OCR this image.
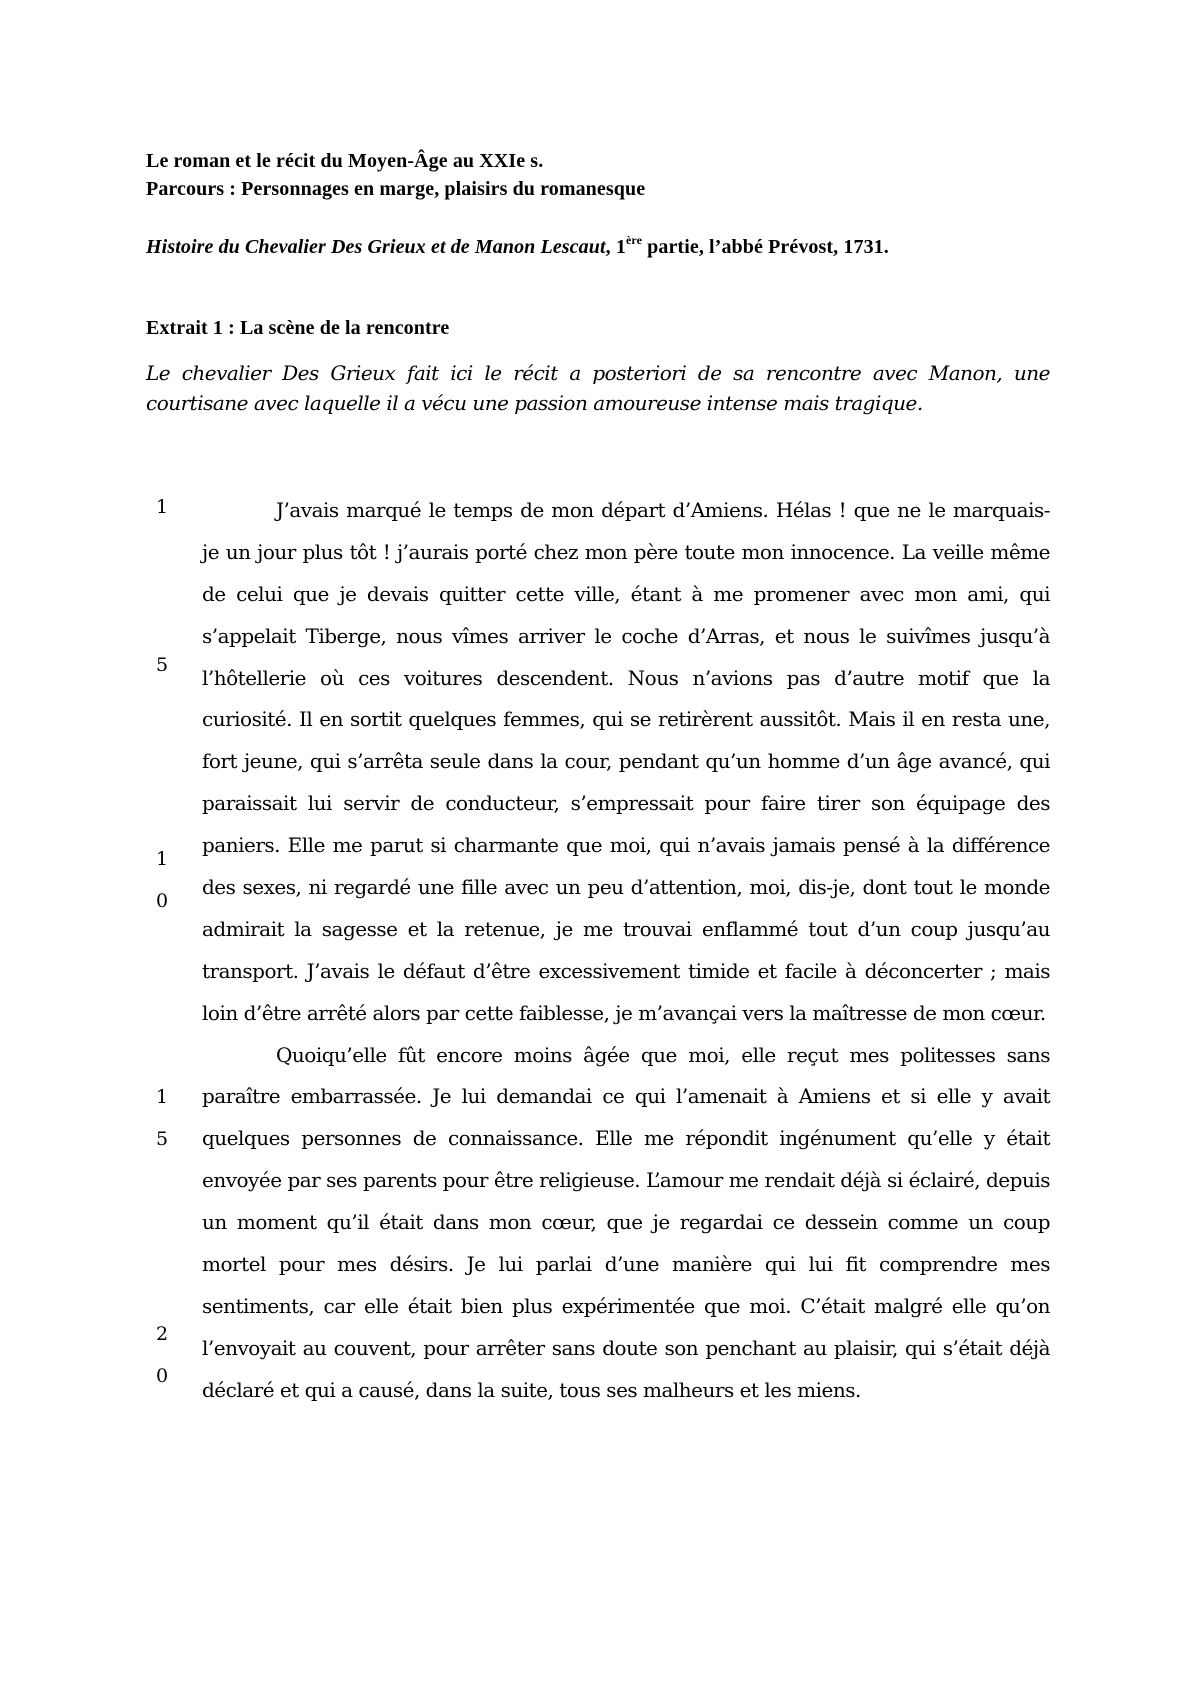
Le roman et le récit du Moyen-Âge au XXIe s.
Parcours : Personnages en marge, plaisirs du romanesque
Histoire du Chevalier Des Grieux et de Manon Lescaut, 1ère partie, l’abbé Prévost, 1731.
Extrait 1 : La scène de la rencontre
Le chevalier Des Grieux fait ici le récit a posteriori de sa rencontre avec Manon, une courtisane avec laquelle il a vécu une passion amoureuse intense mais tragique.
1
5
1
0
1
5
2
0
J’avais marqué le temps de mon départ d’Amiens. Hélas ! que ne le marquais-
je un jour plus tôt ! j’aurais porté chez mon père toute mon innocence. La veille même
de celui que je devais quitter cette ville, étant à me promener avec mon ami, qui
s’appelait Tiberge, nous vîmes arriver le coche d’Arras, et nous le suivîmes jusqu’à
l’hôtellerie où ces voitures descendent. Nous n’avions pas d’autre motif que la
curiosité. Il en sortit quelques femmes, qui se retirèrent aussitôt. Mais il en resta une,
fort jeune, qui s’arrêta seule dans la cour, pendant qu’un homme d’un âge avancé, qui
paraissait lui servir de conducteur, s’empressait pour faire tirer son équipage des
paniers. Elle me parut si charmante que moi, qui n’avais jamais pensé à la différence
des sexes, ni regardé une fille avec un peu d’attention, moi, dis-je, dont tout le monde
admirait la sagesse et la retenue, je me trouvai enflammé tout d’un coup jusqu’au
transport. J’avais le défaut d’être excessivement timide et facile à déconcerter ; mais
loin d’être arrêté alors par cette faiblesse, je m’avançai vers la maîtresse de mon cœur.
Quoiqu’elle fût encore moins âgée que moi, elle reçut mes politesses sans
paraître embarrassée. Je lui demandai ce qui l’amenait à Amiens et si elle y avait
quelques personnes de connaissance. Elle me répondit ingénument qu’elle y était
envoyée par ses parents pour être religieuse. L’amour me rendait déjà si éclairé, depuis
un moment qu’il était dans mon cœur, que je regardai ce dessein comme un coup
mortel pour mes désirs. Je lui parlai d’une manière qui lui fit comprendre mes
sentiments, car elle était bien plus expérimentée que moi. C’était malgré elle qu’on
l’envoyait au couvent, pour arrêter sans doute son penchant au plaisir, qui s’était déjà
déclaré et qui a causé, dans la suite, tous ses malheurs et les miens.
